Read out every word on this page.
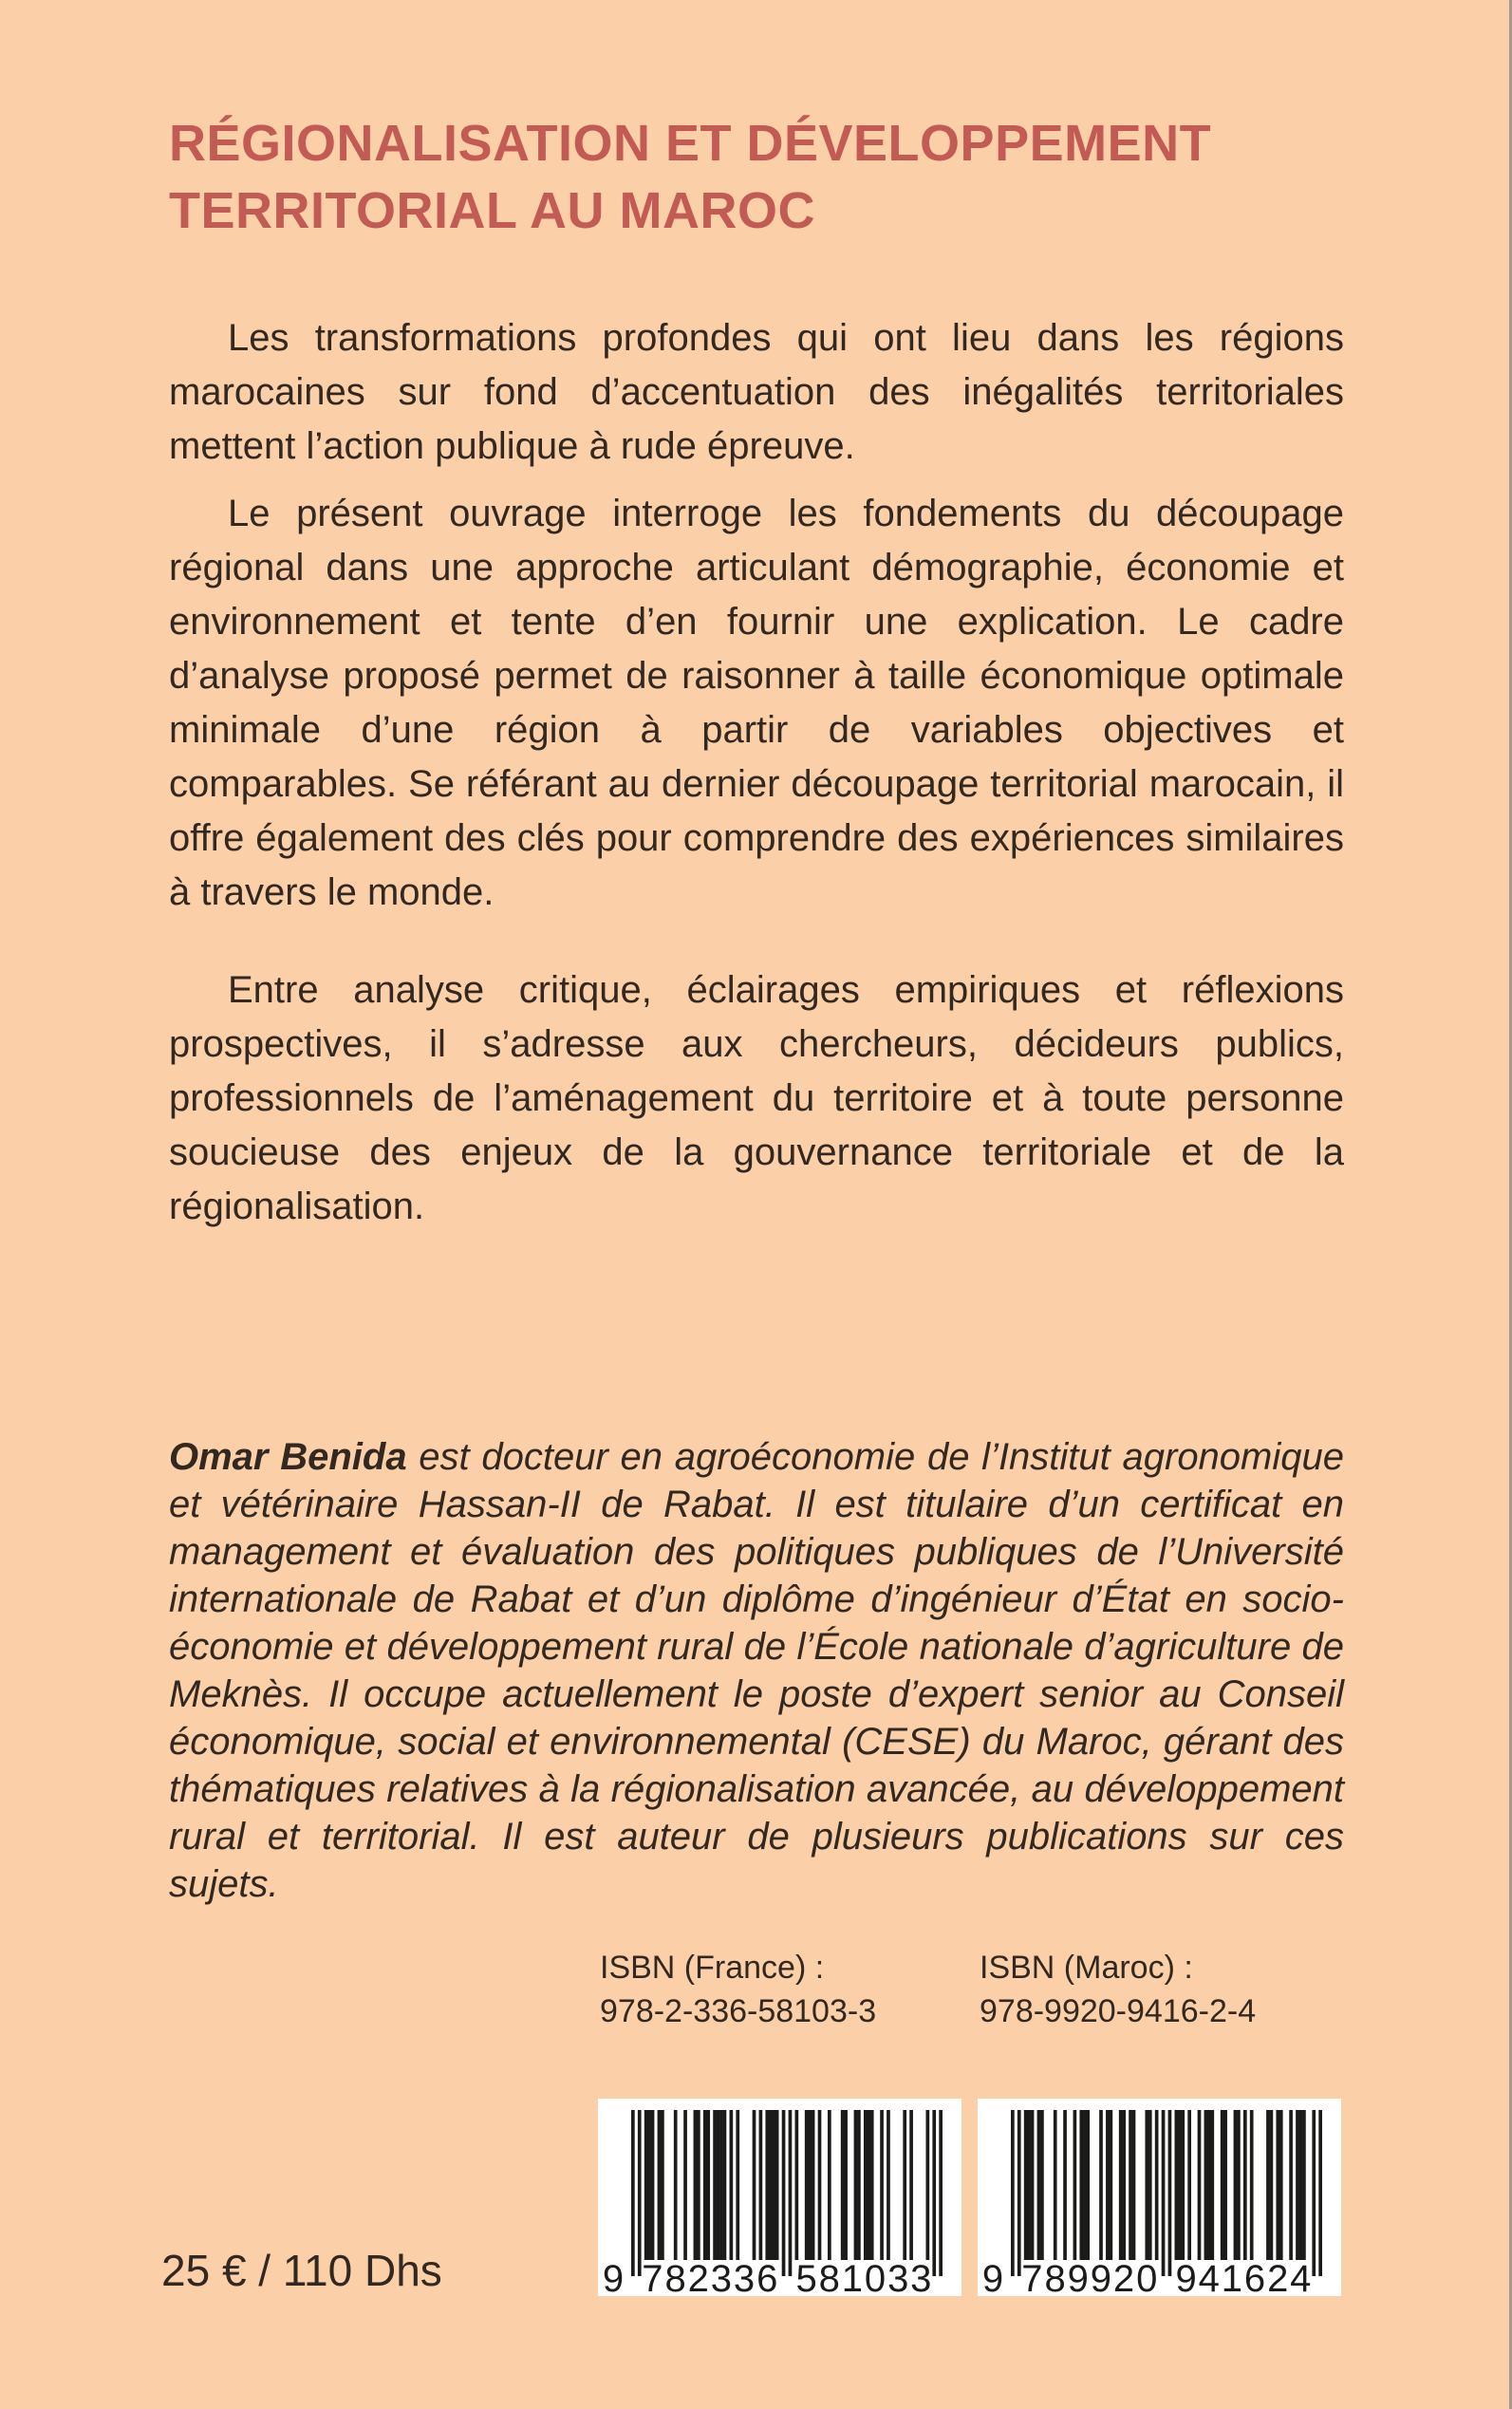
RÉGIONALISATION ET DÉVELOPPEMENT
TERRITORIAL AU MAROC

Les transformations profondes qui ont lieu dans les régions marocaines sur fond d’accentuation des inégalités territoriales mettent l’action publique à rude épreuve.

Le présent ouvrage interroge les fondements du découpage régional dans une approche articulant démographie, économie et environnement et tente d’en fournir une explication. Le cadre d’analyse proposé permet de raisonner à taille économique optimale minimale d’une région à partir de variables objectives et comparables. Se référant au dernier découpage territorial marocain, il offre également des clés pour comprendre des expériences similaires à travers le monde.

Entre analyse critique, éclairages empiriques et réflexions prospectives, il s’adresse aux chercheurs, décideurs publics, professionnels de l’aménagement du territoire et à toute personne soucieuse des enjeux de la gouvernance territoriale et de la régionalisation.

Omar Benida est docteur en agroéconomie de l’Institut agronomique et vétérinaire Hassan-II de Rabat. Il est titulaire d’un certificat en management et évaluation des politiques publiques de l’Université internationale de Rabat et d’un diplôme d’ingénieur d’État en socio-économie et développement rural de l’École nationale d’agriculture de Meknès. Il occupe actuellement le poste d’expert senior au Conseil économique, social et environnemental (CESE) du Maroc, gérant des thématiques relatives à la régionalisation avancée, au développement rural et territorial. Il est auteur de plusieurs publications sur ces sujets.
ISBN (France) :
978-2-336-58103-3
ISBN (Maroc) :
978-9920-9416-2-4
9 7 8 2 3 3 6 5 8 1 0 3 3 9 7 8 9 9 2 0 9 4 1 6 2 4
25 € / 110 Dhs
